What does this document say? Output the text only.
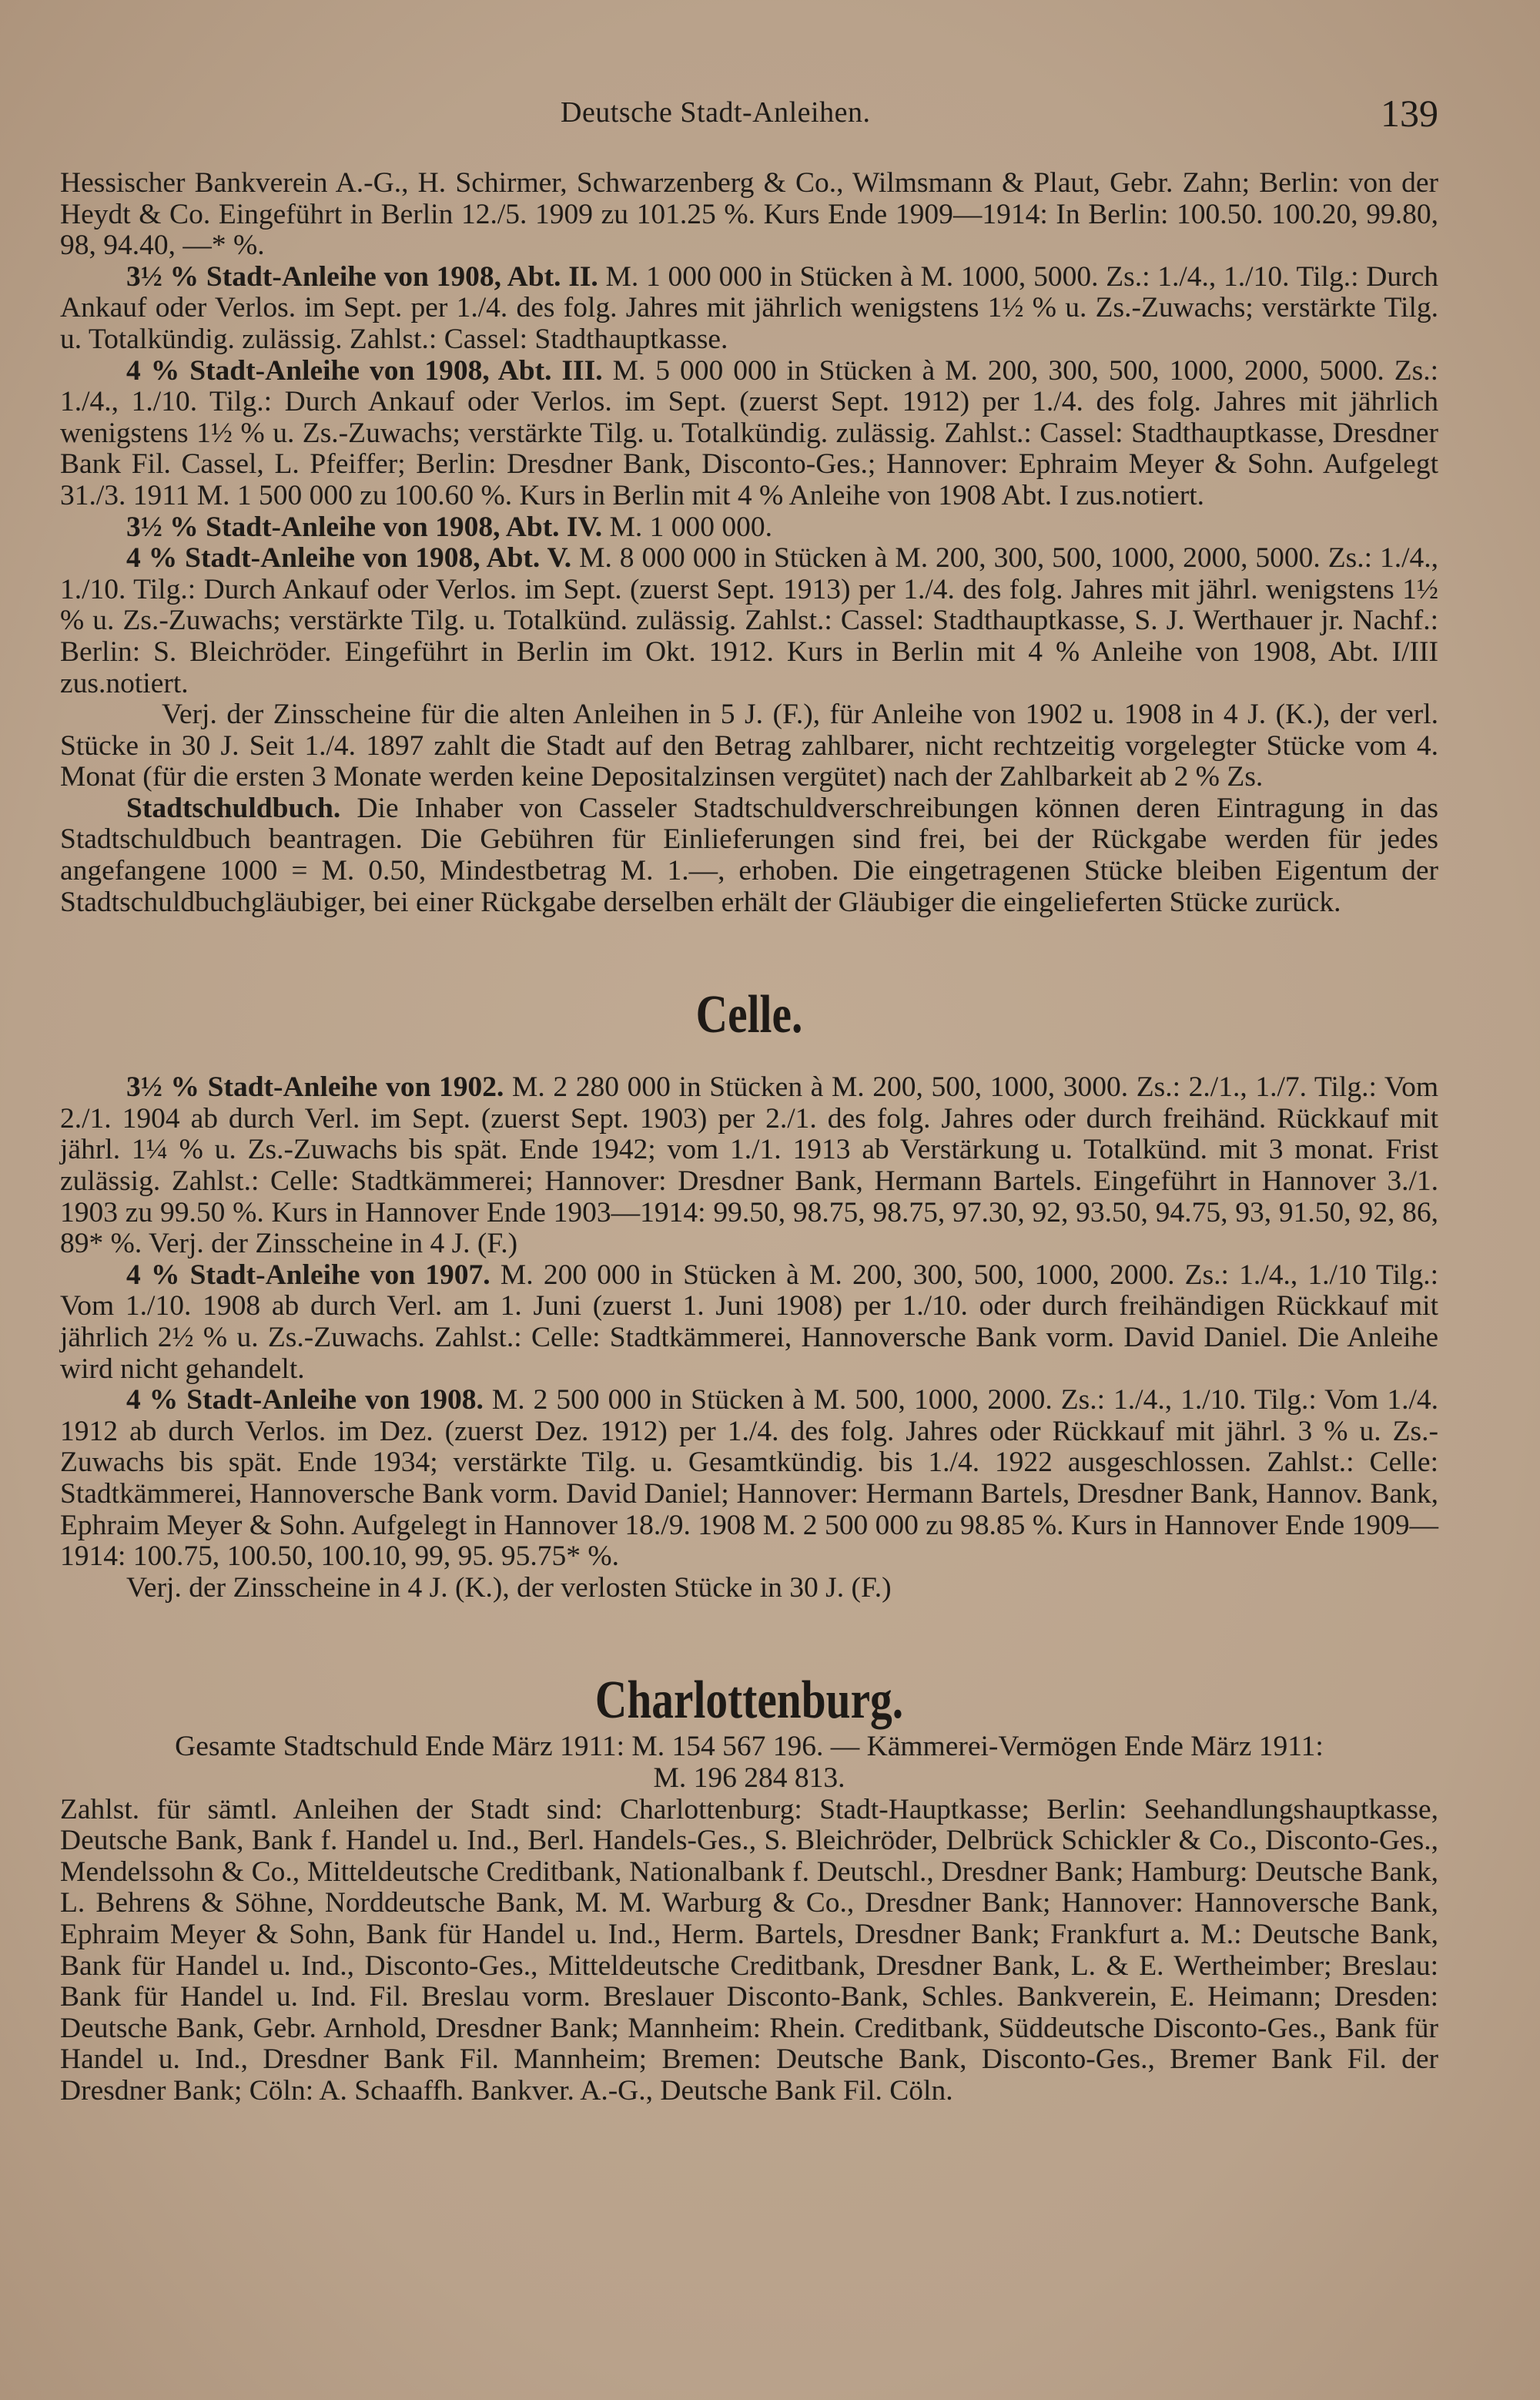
Deutsche Stadt-Anleihen.	139

Hessischer Bankverein A.-G., H. Schirmer, Schwarzenberg & Co., Wilmsmann & Plaut, Gebr. Zahn; Berlin: von der Heydt & Co. Eingeführt in Berlin 12./5. 1909 zu 101.25 %. Kurs Ende 1909—1914: In Berlin: 100.50. 100.20, 99.80, 98, 94.40, —* %.

3½ % Stadt-Anleihe von 1908, Abt. II. M. 1 000 000 in Stücken à M. 1000, 5000. Zs.: 1./4., 1./10. Tilg.: Durch Ankauf oder Verlos. im Sept. per 1./4. des folg. Jahres mit jährlich wenigstens 1½ % u. Zs.-Zuwachs; verstärkte Tilg. u. Totalkündig. zulässig. Zahlst.: Cassel: Stadthauptkasse.

4 % Stadt-Anleihe von 1908, Abt. III. M. 5 000 000 in Stücken à M. 200, 300, 500, 1000, 2000, 5000. Zs.: 1./4., 1./10. Tilg.: Durch Ankauf oder Verlos. im Sept. (zuerst Sept. 1912) per 1./4. des folg. Jahres mit jährlich wenigstens 1½ % u. Zs.-Zuwachs; verstärkte Tilg. u. Totalkündig. zulässig. Zahlst.: Cassel: Stadthauptkasse, Dresdner Bank Fil. Cassel, L. Pfeiffer; Berlin: Dresdner Bank, Disconto-Ges.; Hannover: Ephraim Meyer & Sohn. Aufgelegt 31./3. 1911 M. 1 500 000 zu 100.60 %. Kurs in Berlin mit 4 % Anleihe von 1908 Abt. I zus.notiert.

3½ % Stadt-Anleihe von 1908, Abt. IV. M. 1 000 000.

4 % Stadt-Anleihe von 1908, Abt. V. M. 8 000 000 in Stücken à M. 200, 300, 500, 1000, 2000, 5000. Zs.: 1./4., 1./10. Tilg.: Durch Ankauf oder Verlos. im Sept. (zuerst Sept. 1913) per 1./4. des folg. Jahres mit jährl. wenigstens 1½ % u. Zs.-Zuwachs; verstärkte Tilg. u. Totalkünd. zulässig. Zahlst.: Cassel: Stadthauptkasse, S. J. Werthauer jr. Nachf.: Berlin: S. Bleichröder. Eingeführt in Berlin im Okt. 1912. Kurs in Berlin mit 4 % Anleihe von 1908, Abt. I/III zus.notiert.

Verj. der Zinsscheine für die alten Anleihen in 5 J. (F.), für Anleihe von 1902 u. 1908 in 4 J. (K.), der verl. Stücke in 30 J. Seit 1./4. 1897 zahlt die Stadt auf den Betrag zahlbarer, nicht rechtzeitig vorgelegter Stücke vom 4. Monat (für die ersten 3 Monate werden keine Depositalzinsen vergütet) nach der Zahlbarkeit ab 2 % Zs.

Stadtschuldbuch. Die Inhaber von Casseler Stadtschuldverschreibungen können deren Eintragung in das Stadtschuldbuch beantragen. Die Gebühren für Einlieferungen sind frei, bei der Rückgabe werden für jedes angefangene 1000 = M. 0.50, Mindestbetrag M. 1.—, erhoben. Die eingetragenen Stücke bleiben Eigentum der Stadtschuldbuchgläubiger, bei einer Rückgabe derselben erhält der Gläubiger die eingelieferten Stücke zurück.

Celle.

3½ % Stadt-Anleihe von 1902. M. 2 280 000 in Stücken à M. 200, 500, 1000, 3000. Zs.: 2./1., 1./7. Tilg.: Vom 2./1. 1904 ab durch Verl. im Sept. (zuerst Sept. 1903) per 2./1. des folg. Jahres oder durch freihänd. Rückkauf mit jährl. 1¼ % u. Zs.-Zuwachs bis spät. Ende 1942; vom 1./1. 1913 ab Verstärkung u. Totalkünd. mit 3 monat. Frist zulässig. Zahlst.: Celle: Stadtkämmerei; Hannover: Dresdner Bank, Hermann Bartels. Eingeführt in Hannover 3./1. 1903 zu 99.50 %. Kurs in Hannover Ende 1903—1914: 99.50, 98.75, 98.75, 97.30, 92, 93.50, 94.75, 93, 91.50, 92, 86, 89* %. Verj. der Zinsscheine in 4 J. (F.)

4 % Stadt-Anleihe von 1907. M. 200 000 in Stücken à M. 200, 300, 500, 1000, 2000. Zs.: 1./4., 1./10 Tilg.: Vom 1./10. 1908 ab durch Verl. am 1. Juni (zuerst 1. Juni 1908) per 1./10. oder durch freihändigen Rückkauf mit jährlich 2½ % u. Zs.-Zuwachs. Zahlst.: Celle: Stadtkämmerei, Hannoversche Bank vorm. David Daniel. Die Anleihe wird nicht gehandelt.

4 % Stadt-Anleihe von 1908. M. 2 500 000 in Stücken à M. 500, 1000, 2000. Zs.: 1./4., 1./10. Tilg.: Vom 1./4. 1912 ab durch Verlos. im Dez. (zuerst Dez. 1912) per 1./4. des folg. Jahres oder Rückkauf mit jährl. 3 % u. Zs.-Zuwachs bis spät. Ende 1934; verstärkte Tilg. u. Gesamtkündig. bis 1./4. 1922 ausgeschlossen. Zahlst.: Celle: Stadtkämmerei, Hannoversche Bank vorm. David Daniel; Hannover: Hermann Bartels, Dresdner Bank, Hannov. Bank, Ephraim Meyer & Sohn. Aufgelegt in Hannover 18./9. 1908 M. 2 500 000 zu 98.85 %. Kurs in Hannover Ende 1909—1914: 100.75, 100.50, 100.10, 99, 95. 95.75* %.

Verj. der Zinsscheine in 4 J. (K.), der verlosten Stücke in 30 J. (F.)

Charlottenburg.

Gesamte Stadtschuld Ende März 1911: M. 154 567 196. — Kämmerei-Vermögen Ende März 1911: M. 196 284 813.

Zahlst. für sämtl. Anleihen der Stadt sind: Charlottenburg: Stadt-Hauptkasse; Berlin: Seehandlungshauptkasse, Deutsche Bank, Bank f. Handel u. Ind., Berl. Handels-Ges., S. Bleichröder, Delbrück Schickler & Co., Disconto-Ges., Mendelssohn & Co., Mitteldeutsche Creditbank, Nationalbank f. Deutschl., Dresdner Bank; Hamburg: Deutsche Bank, L. Behrens & Söhne, Norddeutsche Bank, M. M. Warburg & Co., Dresdner Bank; Hannover: Hannoversche Bank, Ephraim Meyer & Sohn, Bank für Handel u. Ind., Herm. Bartels, Dresdner Bank; Frankfurt a. M.: Deutsche Bank, Bank für Handel u. Ind., Disconto-Ges., Mitteldeutsche Creditbank, Dresdner Bank, L. & E. Wertheimber; Breslau: Bank für Handel u. Ind. Fil. Breslau vorm. Breslauer Disconto-Bank, Schles. Bankverein, E. Heimann; Dresden: Deutsche Bank, Gebr. Arnhold, Dresdner Bank; Mannheim: Rhein. Creditbank, Süddeutsche Disconto-Ges., Bank für Handel u. Ind., Dresdner Bank Fil. Mannheim; Bremen: Deutsche Bank, Disconto-Ges., Bremer Bank Fil. der Dresdner Bank; Cöln: A. Schaaffh. Bankver. A.-G., Deutsche Bank Fil. Cöln.
